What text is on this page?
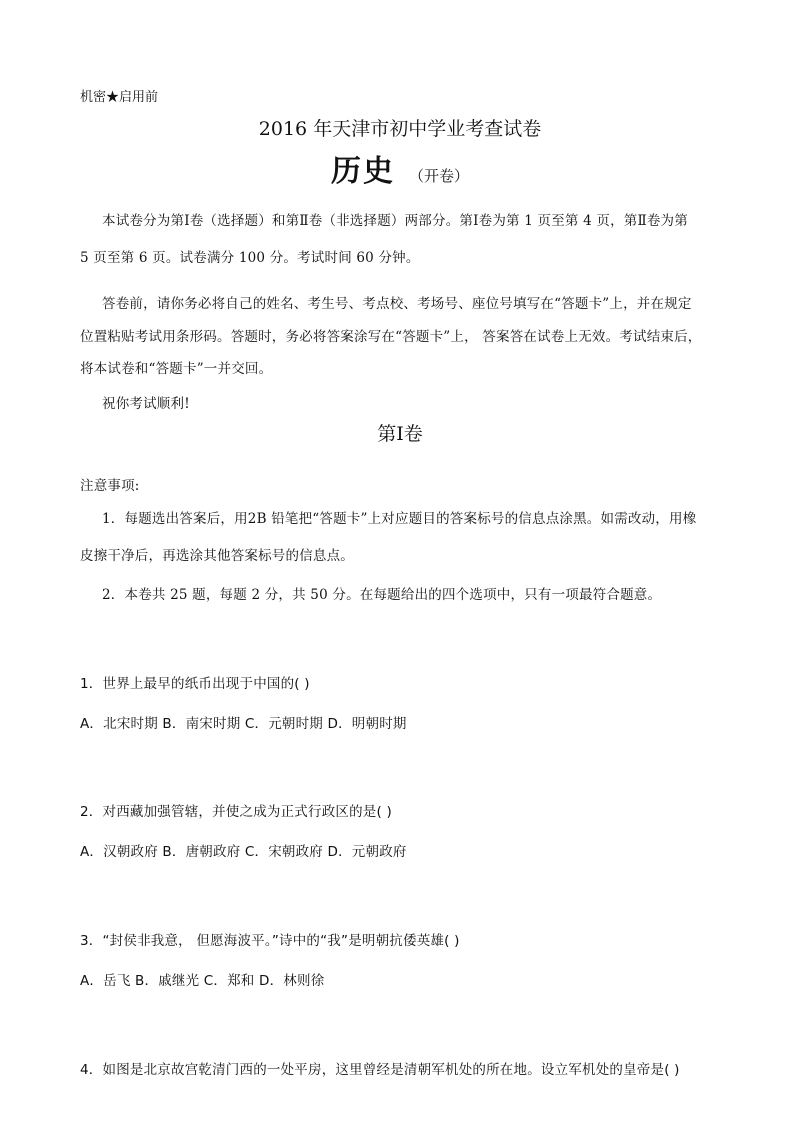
机密★启用前
2016 年天津市初中学业考查试卷
历史 （开卷）
本试卷分为第Ⅰ卷（选择题）和第Ⅱ卷（非选择题）两部分。第Ⅰ卷为第 1 页至第 4 页，第Ⅱ卷为第
5 页至第 6 页。试卷满分 100 分。考试时间 60 分钟。
答卷前，请你务必将自己的姓名、考生号、考点校、考场号、座位号填写在“答题卡”上，并在规定
位置粘贴考试用条形码。答题时，务必将答案涂写在“答题卡”上， 答案答在试卷上无效。考试结束后，
将本试卷和“答题卡”一并交回。
祝你考试顺利!
第Ⅰ卷
注意事项:
1．每题选出答案后，用2B 铅笔把“答题卡”上对应题目的答案标号的信息点涂黑。如需改动，用橡
皮擦干净后，再选涂其他答案标号的信息点。
2．本卷共 25 题，每题 2 分，共 50 分。在每题给出的四个选项中，只有一项最符合题意。
1．世界上最早的纸币出现于中国的( )
A．北宋时期 B．南宋时期 C．元朝时期 D．明朝时期
2．对西藏加强管辖，并使之成为正式行政区的是( )
A．汉朝政府 B．唐朝政府 C．宋朝政府 D．元朝政府
3．“封侯非我意， 但愿海波平。”诗中的“我”是明朝抗倭英雄( )
A．岳飞 B．戚继光 C．郑和 D．林则徐
4．如图是北京故宫乾清门西的一处平房，这里曾经是清朝军机处的所在地。设立军机处的皇帝是( )
